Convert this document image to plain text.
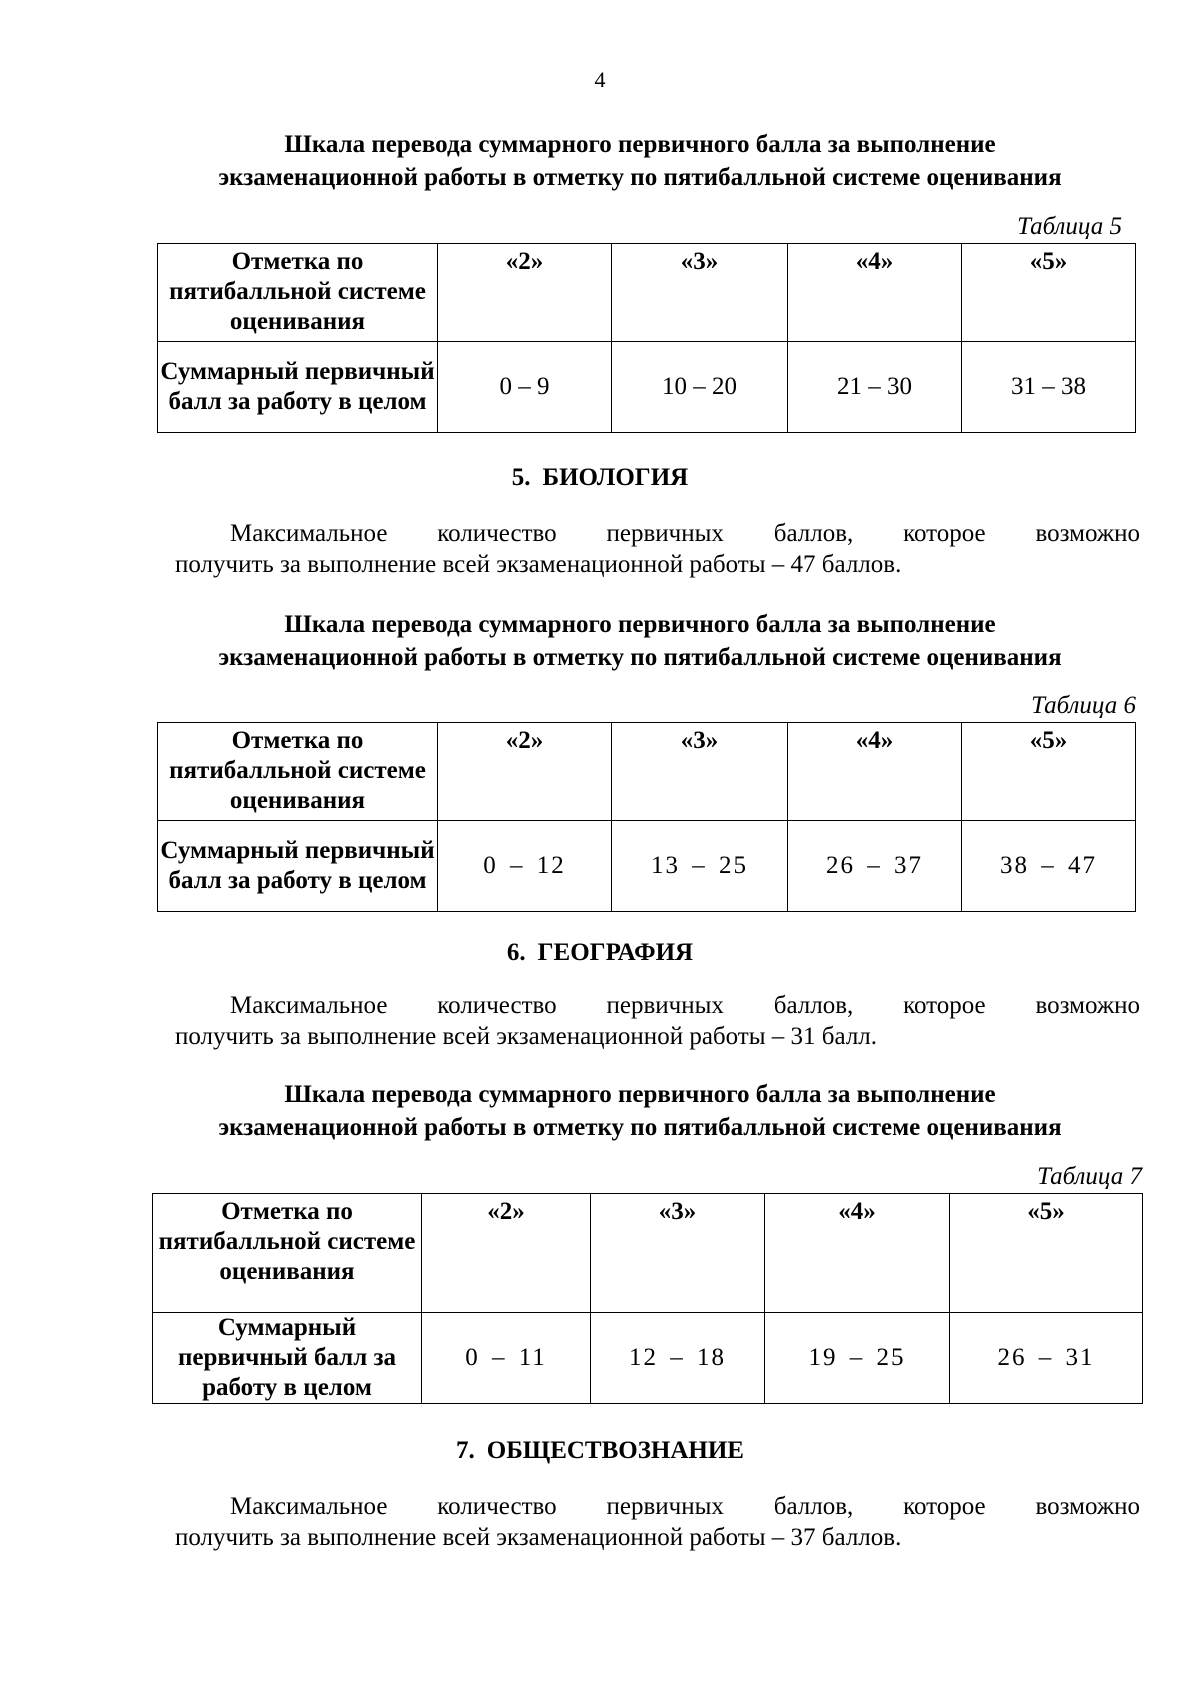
4
Шкала перевода суммарного первичного балла за выполнение
экзаменационной работы в отметку по пятибалльной системе оценивания
Таблица 5
Отметка по пятибалльной системе оценивания	«2»	«3»	«4»	«5»
Суммарный первичный балл за работу в целом	0 – 9	10 – 20	21 – 30	31 – 38
5. БИОЛОГИЯ
Максимальное количество первичных баллов, которое возможно
получить за выполнение всей экзаменационной работы – 47 баллов.
Шкала перевода суммарного первичного балла за выполнение
экзаменационной работы в отметку по пятибалльной системе оценивания
Таблица 6
Отметка по пятибалльной системе оценивания	«2»	«3»	«4»	«5»
Суммарный первичный балл за работу в целом	0 – 12	13 – 25	26 – 37	38 – 47
6. ГЕОГРАФИЯ
Максимальное количество первичных баллов, которое возможно
получить за выполнение всей экзаменационной работы – 31 балл.
Шкала перевода суммарного первичного балла за выполнение
экзаменационной работы в отметку по пятибалльной системе оценивания
Таблица 7
Отметка по пятибалльной системе оценивания	«2»	«3»	«4»	«5»
Суммарный первичный балл за работу в целом	0 – 11	12 – 18	19 – 25	26 – 31
7. ОБЩЕСТВОЗНАНИЕ
Максимальное количество первичных баллов, которое возможно
получить за выполнение всей экзаменационной работы – 37 баллов.
